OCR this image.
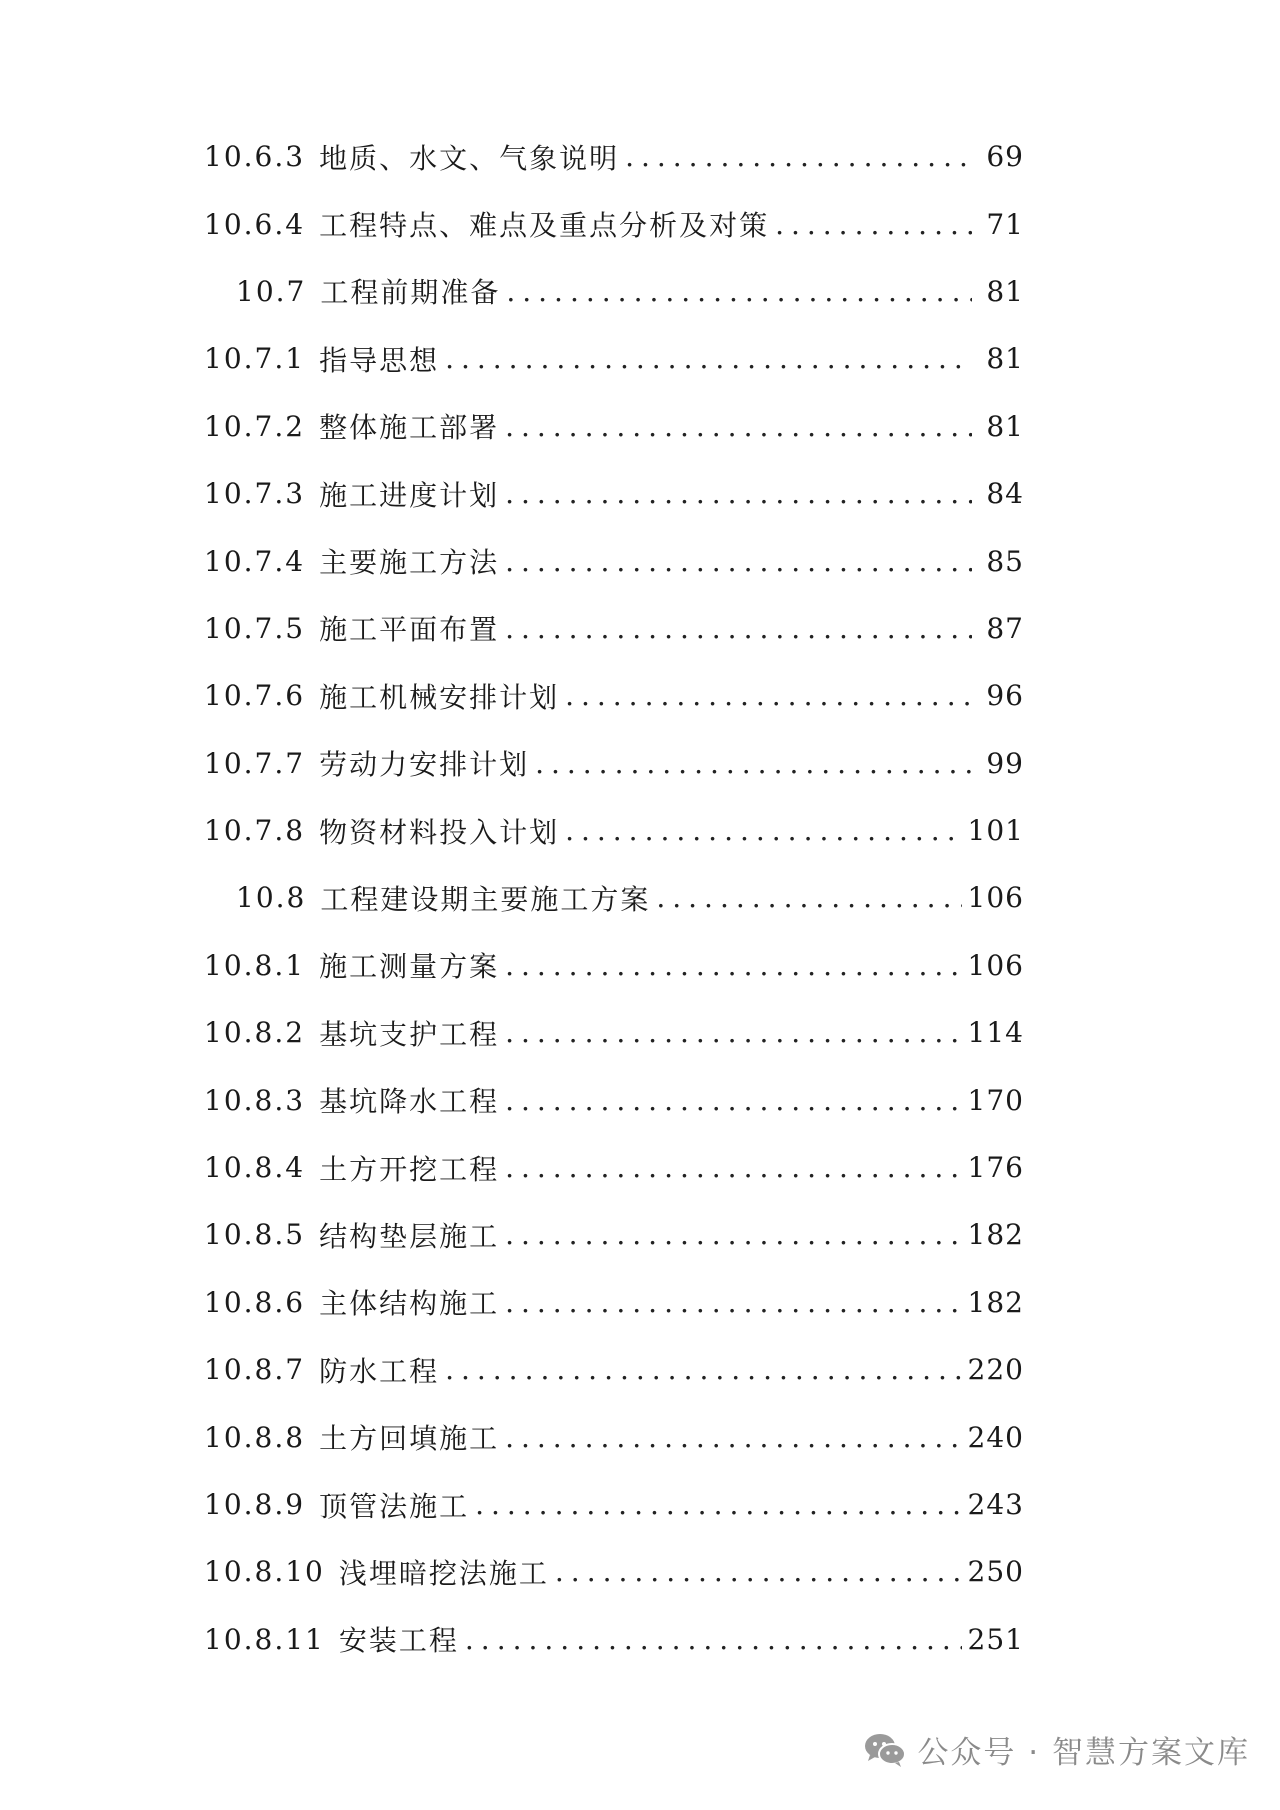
10.6.3 地质、水文、气象说明 .....	69
10.6.4 工程特点、难点及重点分析及对策 .....	71
10.7 工程前期准备 .....	81
10.7.1 指导思想 .....	81
10.7.2 整体施工部署 .....	81
10.7.3 施工进度计划 .....	84
10.7.4 主要施工方法 .....	85
10.7.5 施工平面布置 .....	87
10.7.6 施工机械安排计划 .....	96
10.7.7 劳动力安排计划 .....	99
10.7.8 物资材料投入计划 .....	101
10.8 工程建设期主要施工方案 .....	106
10.8.1 施工测量方案 .....	106
10.8.2 基坑支护工程 .....	114
10.8.3 基坑降水工程 .....	170
10.8.4 土方开挖工程 .....	176
10.8.5 结构垫层施工 .....	182
10.8.6 主体结构施工 .....	182
10.8.7 防水工程 .....	220
10.8.8 土方回填施工 .....	240
10.8.9 顶管法施工 .....	243
10.8.10 浅埋暗挖法施工 .....	250
10.8.11 安装工程 .....	251
公众号 · 智慧方案文库
